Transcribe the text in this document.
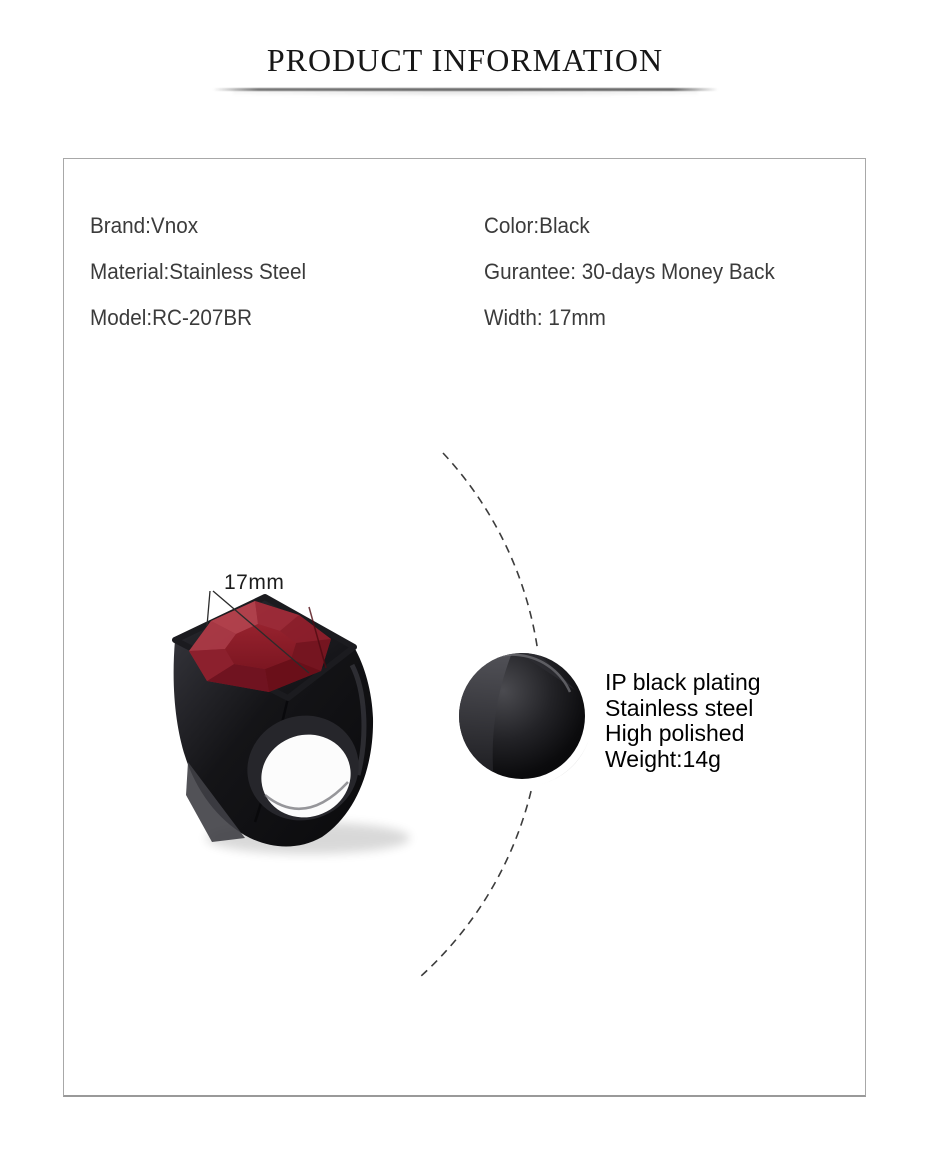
PRODUCT INFORMATION
Brand:Vnox
Material:Stainless Steel
Model:RC-207BR
Color:Black
Gurantee: 30-days Money Back
Width: 17mm
17mm
IP black plating
Stainless steel
High polished
Weight:14g
